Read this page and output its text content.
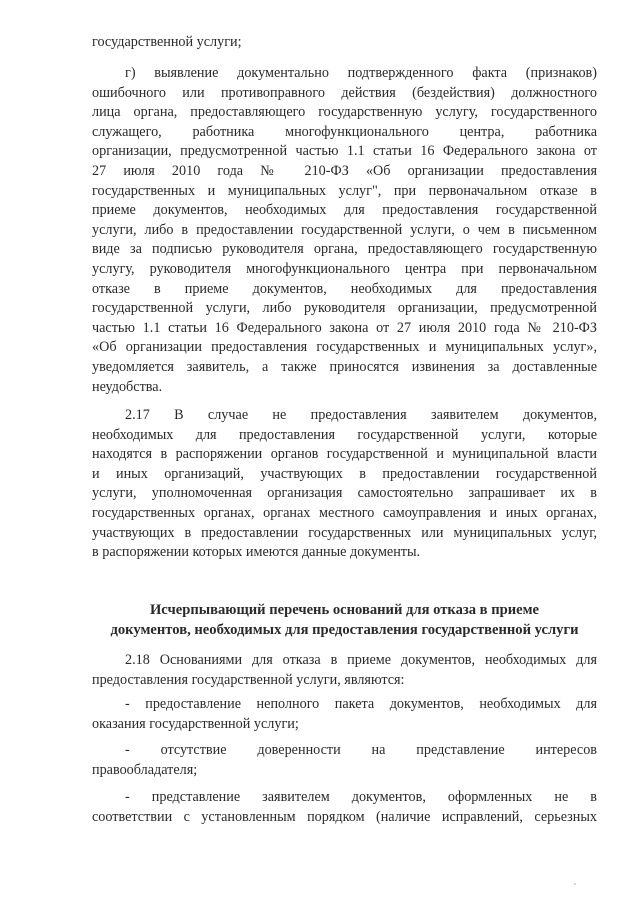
государственной услуги;
г) выявление документально подтвержденного факта (признаков)
ошибочного или противоправного действия (бездействия) должностного
лица органа, предоставляющего государственную услугу, государственного
служащего, работника многофункционального центра, работника
организации, предусмотренной частью 1.1 статьи 16 Федерального закона от
27 июля 2010 года № 210-ФЗ «Об организации предоставления
государственных и муниципальных услуг", при первоначальном отказе в
приеме документов, необходимых для предоставления государственной
услуги, либо в предоставлении государственной услуги, о чем в письменном
виде за подписью руководителя органа, предоставляющего государственную
услугу, руководителя многофункционального центра при первоначальном
отказе в приеме документов, необходимых для предоставления
государственной услуги, либо руководителя организации, предусмотренной
частью 1.1 статьи 16 Федерального закона от 27 июля 2010 года № 210-ФЗ
«Об организации предоставления государственных и муниципальных услуг»,
уведомляется заявитель, а также приносятся извинения за доставленные
неудобства.
2.17 В случае не предоставления заявителем документов,
необходимых для предоставления государственной услуги, которые
находятся в распоряжении органов государственной и муниципальной власти
и иных организаций, участвующих в предоставлении государственной
услуги, уполномоченная организация самостоятельно запрашивает их в
государственных органах, органах местного самоуправления и иных органах,
участвующих в предоставлении государственных или муниципальных услуг,
в распоряжении которых имеются данные документы.
Исчерпывающий перечень оснований для отказа в приеме
документов, необходимых для предоставления государственной услуги
2.18 Основаниями для отказа в приеме документов, необходимых для
предоставления государственной услуги, являются:
- предоставление неполного пакета документов, необходимых для
оказания государственной услуги;
- отсутствие доверенности на представление интересов
правообладателя;
- представление заявителем документов, оформленных не в
соответствии с установленным порядком (наличие исправлений, серьезных
